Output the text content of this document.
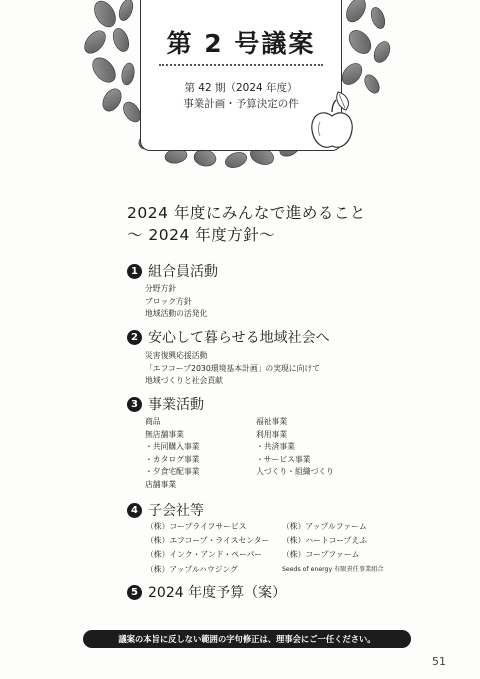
第 2 号議案
第 42 期（2024 年度）
事業計画・予算決定の件
2024 年度にみんなで進めること
～ 2024 年度方針～
1 組合員活動
分野方針
ブロック方針
地域活動の活発化
2 安心して暮らせる地域社会へ
災害復興応援活動
「エフコープ2030環境基本計画」の実現に向けて
地域づくりと社会貢献
3 事業活動
商品
無店舗事業
・共同購入事業
・カタログ事業
・夕食宅配事業
店舗事業
福祉事業
利用事業
・共済事業
・サービス事業
人づくり・組織づくり
4 子会社等
（株）コープライフサービス
（株）エフコープ・ライスセンター
（株）インク・アンド・ペーパー
（株）アップルハウジング
（株）アップルファーム
（株）ハートコープえふ
（株）コープファーム
Seeds of energy 有限責任事業組合
5 2024 年度予算（案）
議案の本旨に反しない範囲の字句修正は、理事会にご一任ください。
51
